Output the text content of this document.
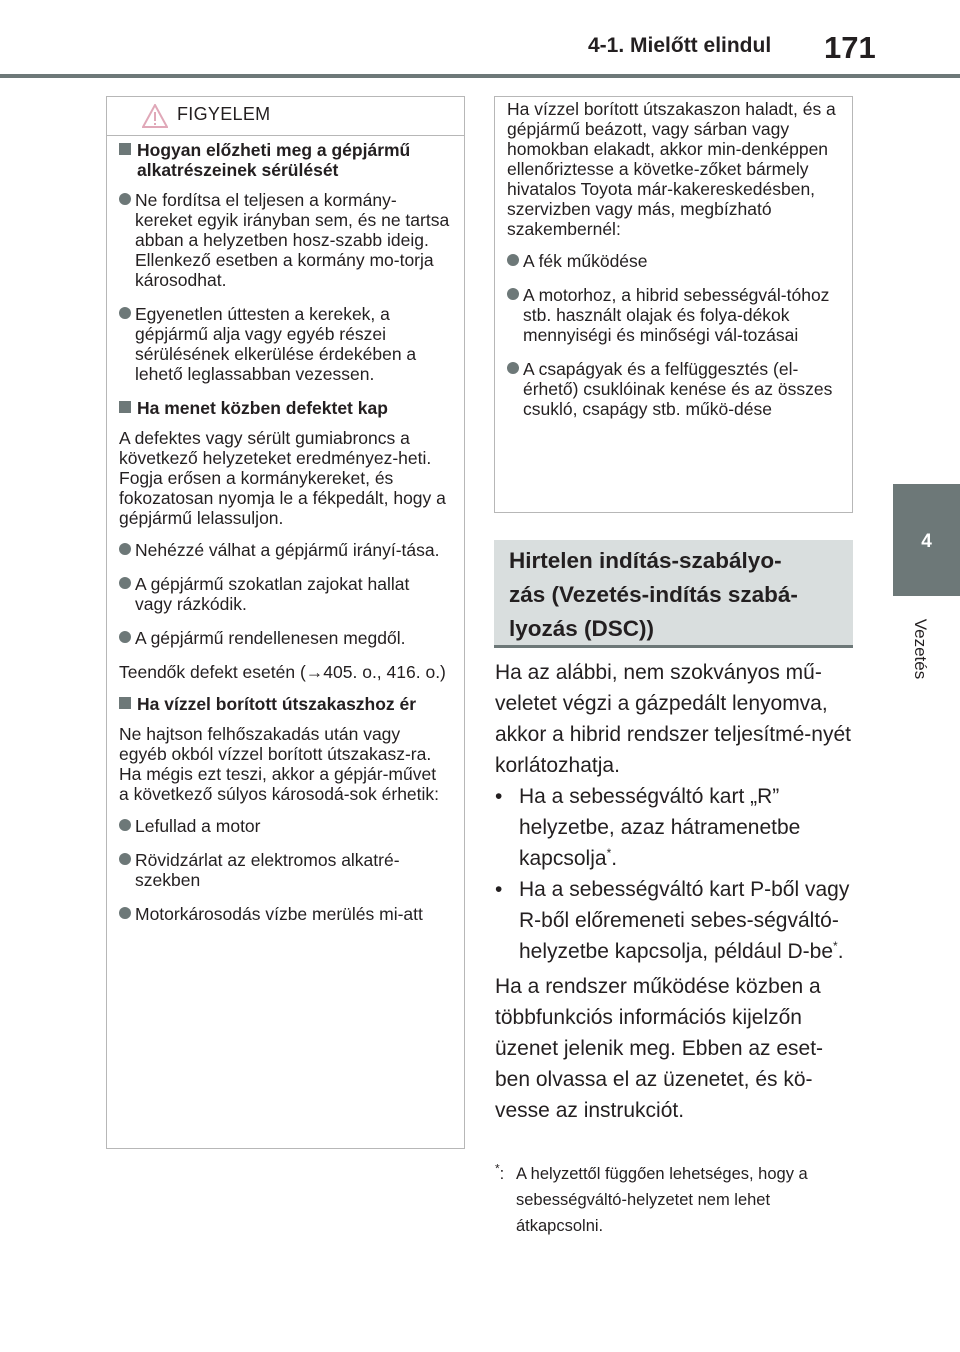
4-1. Mielőtt elindul 171
4
Vezetés
FIGYELEM
Hogyan előzheti meg a gépjármű alkatrészeinek sérülését
Ne fordítsa el teljesen a kormány-kereket egyik irányban sem, és ne tartsa abban a helyzetben hosz-szabb ideig.
Ellenkező esetben a kormány mo-torja károsodhat.
Egyenetlen úttesten a kerekek, a gépjármű alja vagy egyéb részei sérülésének elkerülése érdekében a lehető leglassabban vezessen.
Ha menet közben defektet kap

A defektes vagy sérült gumiabroncs a következő helyzeteket eredményez-heti. Fogja erősen a kormánykereket, és fokozatosan nyomja le a fékpedált, hogy a gépjármű lelassuljon.

Nehézzé válhat a gépjármű irányí-tása.
A gépjármű szokatlan zajokat hallat vagy rázkódik.
A gépjármű rendellenesen megdől.

Teendők defekt esetén (→405. o., 416. o.)

Ha vízzel borított útszakaszhoz ér

Ne hajtson felhőszakadás után vagy egyéb okból vízzel borított útszakasz-ra. Ha mégis ezt teszi, akkor a gépjár-művet a következő súlyos károsodá-sok érhetik:

Lefullad a motor
Rövidzárlat az elektromos alkatré-szekben
Motorkárosodás vízbe merülés mi-att

Ha vízzel borított útszakaszon haladt, és a gépjármű beázott, vagy sárban vagy homokban elakadt, akkor min-denképpen ellenőriztesse a követke-zőket bármely hivatalos Toyota már-kakereskedésben, szervizben vagy más, megbízható szakembernél:

A fék működése
A motorhoz, a hibrid sebességvál-tóhoz stb. használt olajak és folya-dékok mennyiségi és minőségi vál-tozásai
A csapágyak és a felfüggesztés (el-érhető) csuklóinak kenése és az összes csukló, csapágy stb. műkö-dése
Hirtelen indítás-szabályo-
zás (Vezetés-indítás szabá-
lyozás (DSC))

Ha az alábbi, nem szokványos mű-veletet végzi a gázpedált lenyomva, akkor a hibrid rendszer teljesítmé-nyét korlátozhatja.

• Ha a sebességváltó kart „R” helyzetbe, azaz hátramenetbe kapcsolja*.
• Ha a sebességváltó kart P-ből vagy R-ből előremeneti sebes-ségváltó-helyzetbe kapcsolja, például D-be*.

Ha a rendszer működése közben a többfunkciós információs kijelzőn üzenet jelenik meg. Ebben az eset-ben olvassa el az üzenetet, és kö-vesse az instrukciót.

*: A helyzettől függően lehetséges, hogy a sebességváltó-helyzetet nem lehet átkapcsolni.
